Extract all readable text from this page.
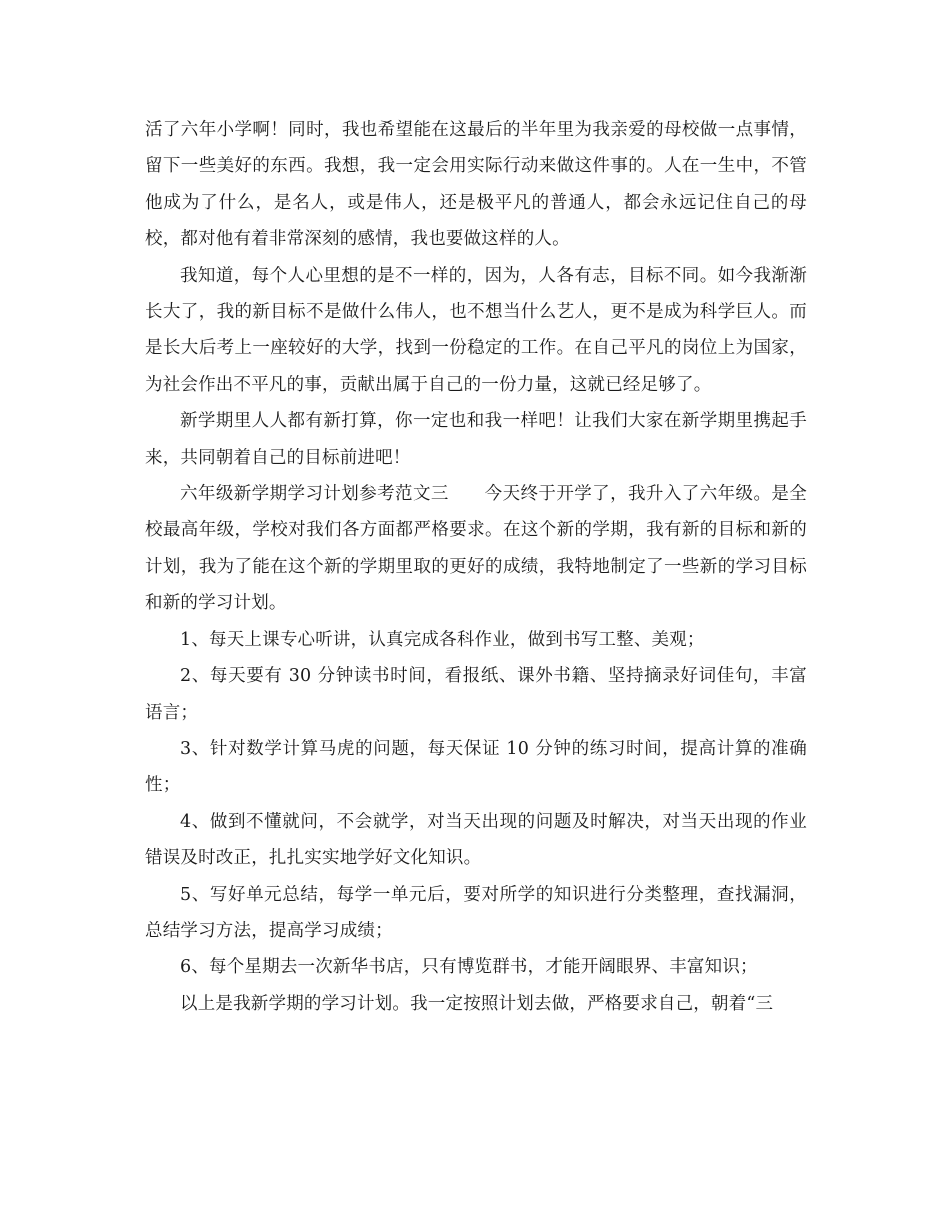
活了六年小学啊！同时，我也希望能在这最后的半年里为我亲爱的母校做一点事情，留下一些美好的东西。我想，我一定会用实际行动来做这件事的。人在一生中，不管他成为了什么，是名人，或是伟人，还是极平凡的普通人，都会永远记住自己的母校，都对他有着非常深刻的感情，我也要做这样的人。

我知道，每个人心里想的是不一样的，因为，人各有志，目标不同。如今我渐渐长大了，我的新目标不是做什么伟人，也不想当什么艺人，更不是成为科学巨人。而是长大后考上一座较好的大学，找到一份稳定的工作。在自己平凡的岗位上为国家，为社会作出不平凡的事，贡献出属于自己的一份力量，这就已经足够了。

新学期里人人都有新打算，你一定也和我一样吧！让我们大家在新学期里携起手来，共同朝着自己的目标前进吧！

六年级新学期学习计划参考范文三　　今天终于开学了，我升入了六年级。是全校最高年级，学校对我们各方面都严格要求。在这个新的学期，我有新的目标和新的计划，我为了能在这个新的学期里取的更好的成绩，我特地制定了一些新的学习目标和新的学习计划。

1、每天上课专心听讲，认真完成各科作业，做到书写工整、美观；

2、每天要有 30 分钟读书时间，看报纸、课外书籍、坚持摘录好词佳句，丰富语言；

3、针对数学计算马虎的问题，每天保证 10 分钟的练习时间，提高计算的准确性；

4、做到不懂就问，不会就学，对当天出现的问题及时解决，对当天出现的作业错误及时改正，扎扎实实地学好文化知识。

5、写好单元总结，每学一单元后，要对所学的知识进行分类整理，查找漏洞，总结学习方法，提高学习成绩；

6、每个星期去一次新华书店，只有博览群书，才能开阔眼界、丰富知识；

以上是我新学期的学习计划。我一定按照计划去做，严格要求自己，朝着“三
